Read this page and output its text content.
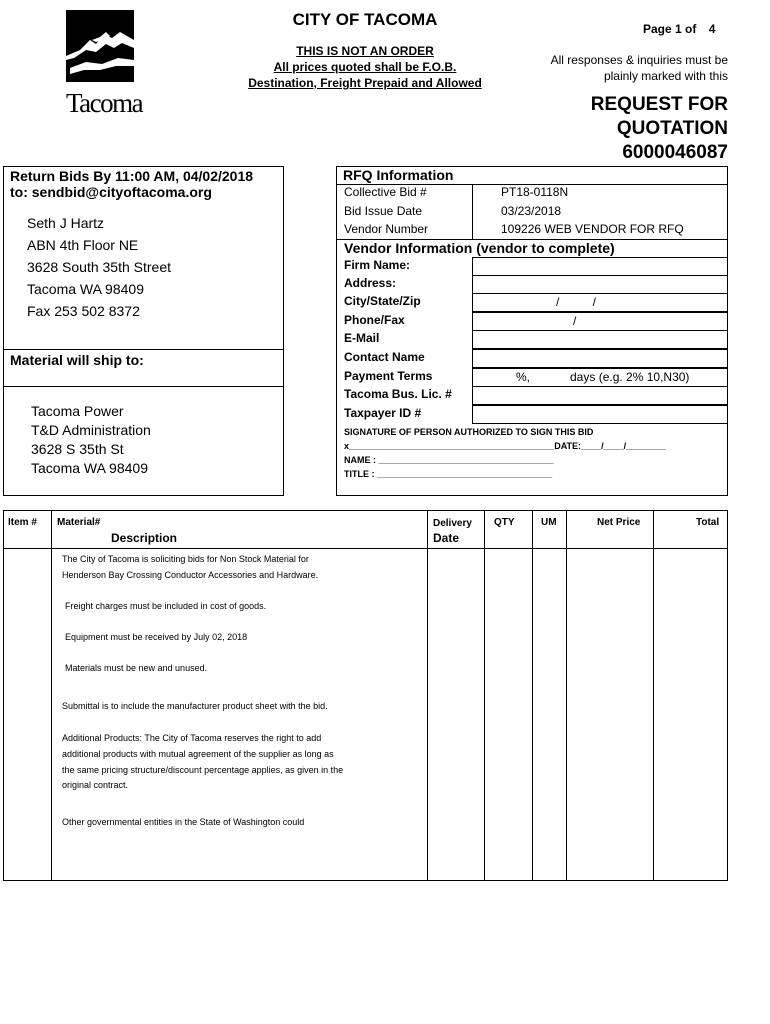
Tacoma
CITY OF TACOMA
THIS IS NOT AN ORDER
All prices quoted shall be F.O.B.
Destination, Freight Prepaid and Allowed
Page 1 of 4
All responses & inquiries must be
plainly marked with this
REQUEST FOR
QUOTATION
6000046087
Return Bids By 11:00 AM, 04/02/2018
to: sendbid@cityoftacoma.org
Seth J Hartz
ABN 4th Floor NE
3628 South 35th Street
Tacoma WA 98409
Fax 253 502 8372
Material will ship to:
Tacoma Power
T&D Administration
3628 S 35th St
Tacoma WA 98409
RFQ Information
Collective Bid #	PT18-0118N
Bid Issue Date	03/23/2018
Vendor Number	109226 WEB VENDOR FOR RFQ
Vendor Information (vendor to complete)
Firm Name:
Address:
City/State/Zip	/          /
Phone/Fax	/
E-Mail
Contact Name
Payment Terms	%,            days (e.g. 2% 10,N30)
Tacoma Bus. Lic. #
Taxpayer ID #
SIGNATURE OF PERSON AUTHORIZED TO SIGN THIS BID
x_________________________________________DATE:____/____/________
NAME : ___________________________________
TITLE : ___________________________________
Item # Material#
Description
Delivery
Date
QTY	UM	Net Price	Total
The City of Tacoma is soliciting bids for Non Stock Material for
Henderson Bay Crossing Conductor Accessories and Hardware.
Freight charges must be included in cost of goods.
Equipment must be received by July 02, 2018
Materials must be new and unused.
Submittal is to include the manufacturer product sheet with the bid.
Additional Products: The City of Tacoma reserves the right to add
additional products with mutual agreement of the supplier as long as
the same pricing structure/discount percentage applies, as given in the
original contract.
Other governmental entities in the State of Washington could
